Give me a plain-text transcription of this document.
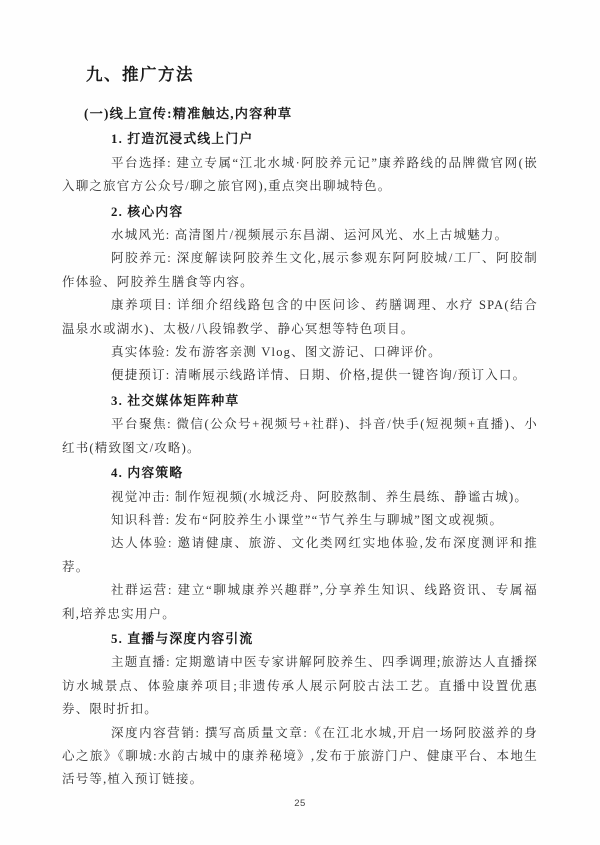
九、推广方法
(一)线上宣传:精准触达,内容种草
1. 打造沉浸式线上门户

平台选择: 建立专属“江北水城·阿胶养元记”康养路线的品牌微官网(嵌入聊之旅官方公众号/聊之旅官网),重点突出聊城特色。

2. 核心内容

水城风光: 高清图片/视频展示东昌湖、运河风光、水上古城魅力。

阿胶养元: 深度解读阿胶养生文化,展示参观东阿阿胶城/工厂、阿胶制作体验、阿胶养生膳食等内容。

康养项目: 详细介绍线路包含的中医问诊、药膳调理、水疗 SPA(结合温泉水或湖水)、太极/八段锦教学、静心冥想等特色项目。

真实体验: 发布游客亲测 Vlog、图文游记、口碑评价。

便捷预订: 清晰展示线路详情、日期、价格,提供一键咨询/预订入口。

3. 社交媒体矩阵种草

平台聚焦: 微信(公众号+视频号+社群)、抖音/快手(短视频+直播)、小红书(精致图文/攻略)。

4. 内容策略

视觉冲击: 制作短视频(水城泛舟、阿胶熬制、养生晨练、静谧古城)。

知识科普: 发布“阿胶养生小课堂”“节气养生与聊城”图文或视频。

达人体验: 邀请健康、旅游、文化类网红实地体验,发布深度测评和推荐。

社群运营: 建立“聊城康养兴趣群”,分享养生知识、线路资讯、专属福利,培养忠实用户。

5. 直播与深度内容引流

主题直播: 定期邀请中医专家讲解阿胶养生、四季调理;旅游达人直播探访水城景点、体验康养项目;非遗传承人展示阿胶古法工艺。直播中设置优惠券、限时折扣。

深度内容营销: 撰写高质量文章:《在江北水城,开启一场阿胶滋养的身心之旅》《聊城:水韵古城中的康养秘境》,发布于旅游门户、健康平台、本地生活号等,植入预订链接。

25
